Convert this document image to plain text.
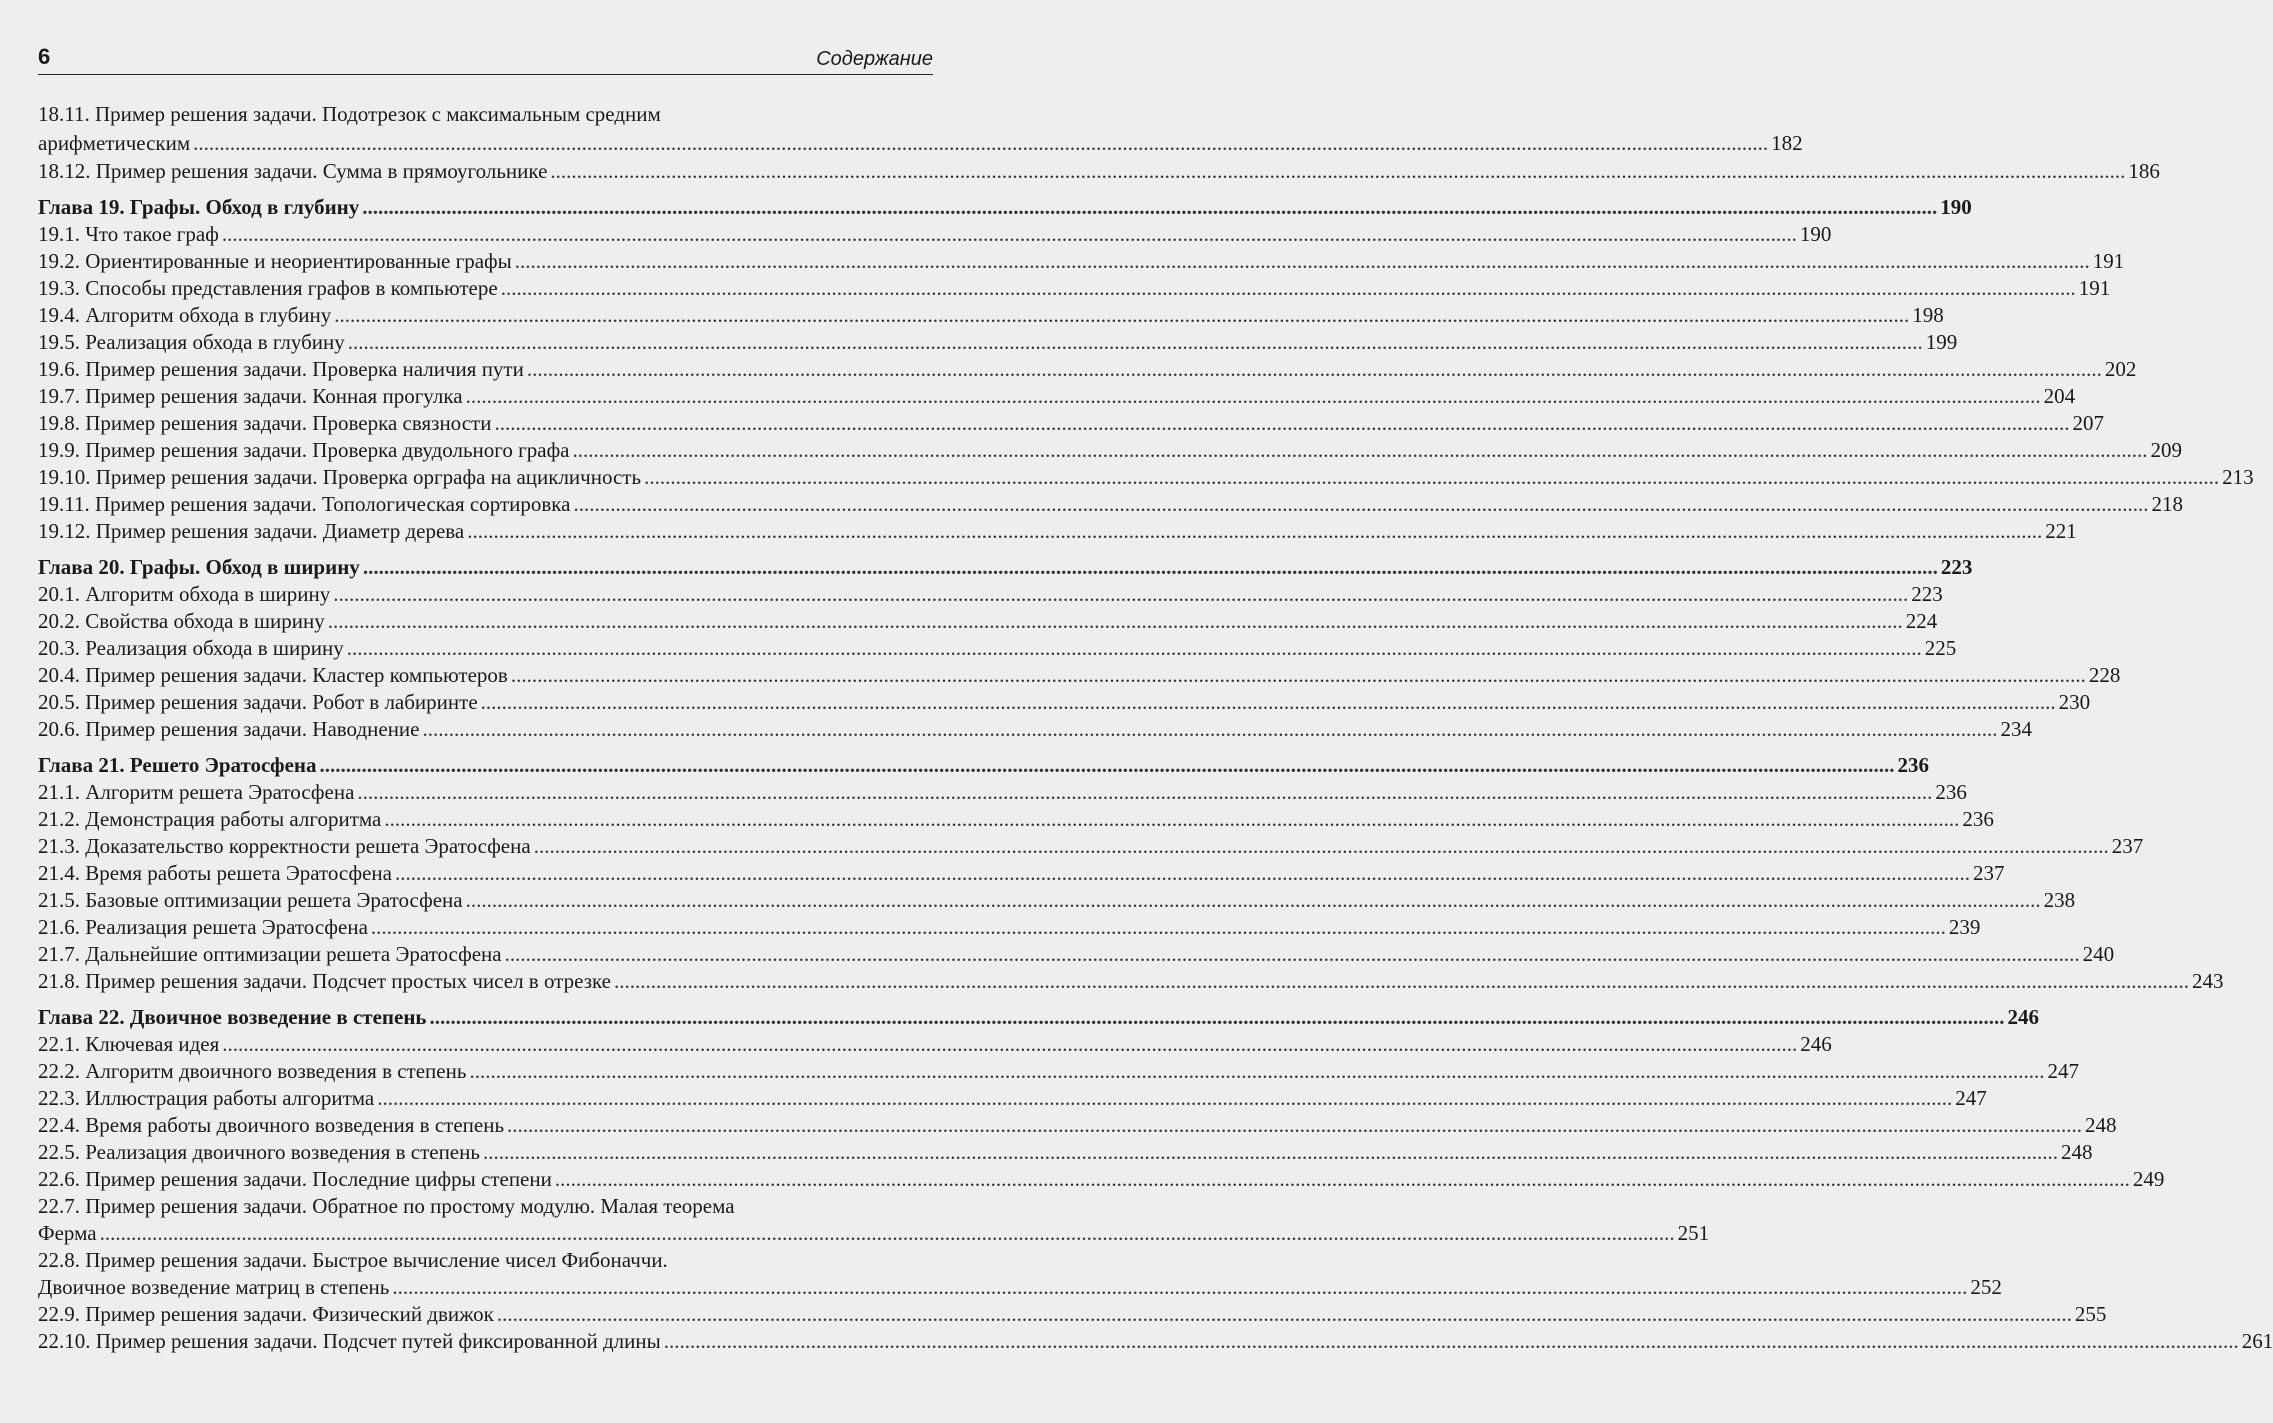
6	Содержание
18.11. Пример решения задачи. Подотрезок с максимальным средним
арифметическим ............................................................................................................................................................................................................................................................................................................ 182
18.12. Пример решения задачи. Сумма в прямоугольнике ............................................................................................................................................................................................................................................................................................................ 186
Глава 19. Графы. Обход в глубину ............................................................................................................................................................................................................................................................................................................ 190
19.1. Что такое граф ............................................................................................................................................................................................................................................................................................................ 190
19.2. Ориентированные и неориентированные графы ............................................................................................................................................................................................................................................................................................................ 191
19.3. Способы представления графов в компьютере ............................................................................................................................................................................................................................................................................................................ 191
19.4. Алгоритм обхода в глубину ............................................................................................................................................................................................................................................................................................................ 198
19.5. Реализация обхода в глубину ............................................................................................................................................................................................................................................................................................................ 199
19.6. Пример решения задачи. Проверка наличия пути ............................................................................................................................................................................................................................................................................................................ 202
19.7. Пример решения задачи. Конная прогулка ............................................................................................................................................................................................................................................................................................................ 204
19.8. Пример решения задачи. Проверка связности ............................................................................................................................................................................................................................................................................................................ 207
19.9. Пример решения задачи. Проверка двудольного графа ............................................................................................................................................................................................................................................................................................................ 209
19.10. Пример решения задачи. Проверка орграфа на ацикличность ............................................................................................................................................................................................................................................................................................................ 213
19.11. Пример решения задачи. Топологическая сортировка ............................................................................................................................................................................................................................................................................................................ 218
19.12. Пример решения задачи. Диаметр дерева ............................................................................................................................................................................................................................................................................................................ 221
Глава 20. Графы. Обход в ширину ............................................................................................................................................................................................................................................................................................................ 223
20.1. Алгоритм обхода в ширину ............................................................................................................................................................................................................................................................................................................ 223
20.2. Свойства обхода в ширину ............................................................................................................................................................................................................................................................................................................ 224
20.3. Реализация обхода в ширину ............................................................................................................................................................................................................................................................................................................ 225
20.4. Пример решения задачи. Кластер компьютеров ............................................................................................................................................................................................................................................................................................................ 228
20.5. Пример решения задачи. Робот в лабиринте ............................................................................................................................................................................................................................................................................................................ 230
20.6. Пример решения задачи. Наводнение ............................................................................................................................................................................................................................................................................................................ 234
Глава 21. Решето Эратосфена ............................................................................................................................................................................................................................................................................................................ 236
21.1. Алгоритм решета Эратосфена ............................................................................................................................................................................................................................................................................................................ 236
21.2. Демонстрация работы алгоритма ............................................................................................................................................................................................................................................................................................................ 236
21.3. Доказательство корректности решета Эратосфена ............................................................................................................................................................................................................................................................................................................ 237
21.4. Время работы решета Эратосфена ............................................................................................................................................................................................................................................................................................................ 237
21.5. Базовые оптимизации решета Эратосфена ............................................................................................................................................................................................................................................................................................................ 238
21.6. Реализация решета Эратосфена ............................................................................................................................................................................................................................................................................................................ 239
21.7. Дальнейшие оптимизации решета Эратосфена ............................................................................................................................................................................................................................................................................................................ 240
21.8. Пример решения задачи. Подсчет простых чисел в отрезке ............................................................................................................................................................................................................................................................................................................ 243
Глава 22. Двоичное возведение в степень ............................................................................................................................................................................................................................................................................................................ 246
22.1. Ключевая идея ............................................................................................................................................................................................................................................................................................................ 246
22.2. Алгоритм двоичного возведения в степень ............................................................................................................................................................................................................................................................................................................ 247
22.3. Иллюстрация работы алгоритма ............................................................................................................................................................................................................................................................................................................ 247
22.4. Время работы двоичного возведения в степень ............................................................................................................................................................................................................................................................................................................ 248
22.5. Реализация двоичного возведения в степень ............................................................................................................................................................................................................................................................................................................ 248
22.6. Пример решения задачи. Последние цифры степени ............................................................................................................................................................................................................................................................................................................ 249
22.7. Пример решения задачи. Обратное по простому модулю. Малая теорема
Ферма ............................................................................................................................................................................................................................................................................................................ 251
22.8. Пример решения задачи. Быстрое вычисление чисел Фибоначчи.
Двоичное возведение матриц в степень ............................................................................................................................................................................................................................................................................................................ 252
22.9. Пример решения задачи. Физический движок ............................................................................................................................................................................................................................................................................................................ 255
22.10. Пример решения задачи. Подсчет путей фиксированной длины ............................................................................................................................................................................................................................................................................................................ 261
